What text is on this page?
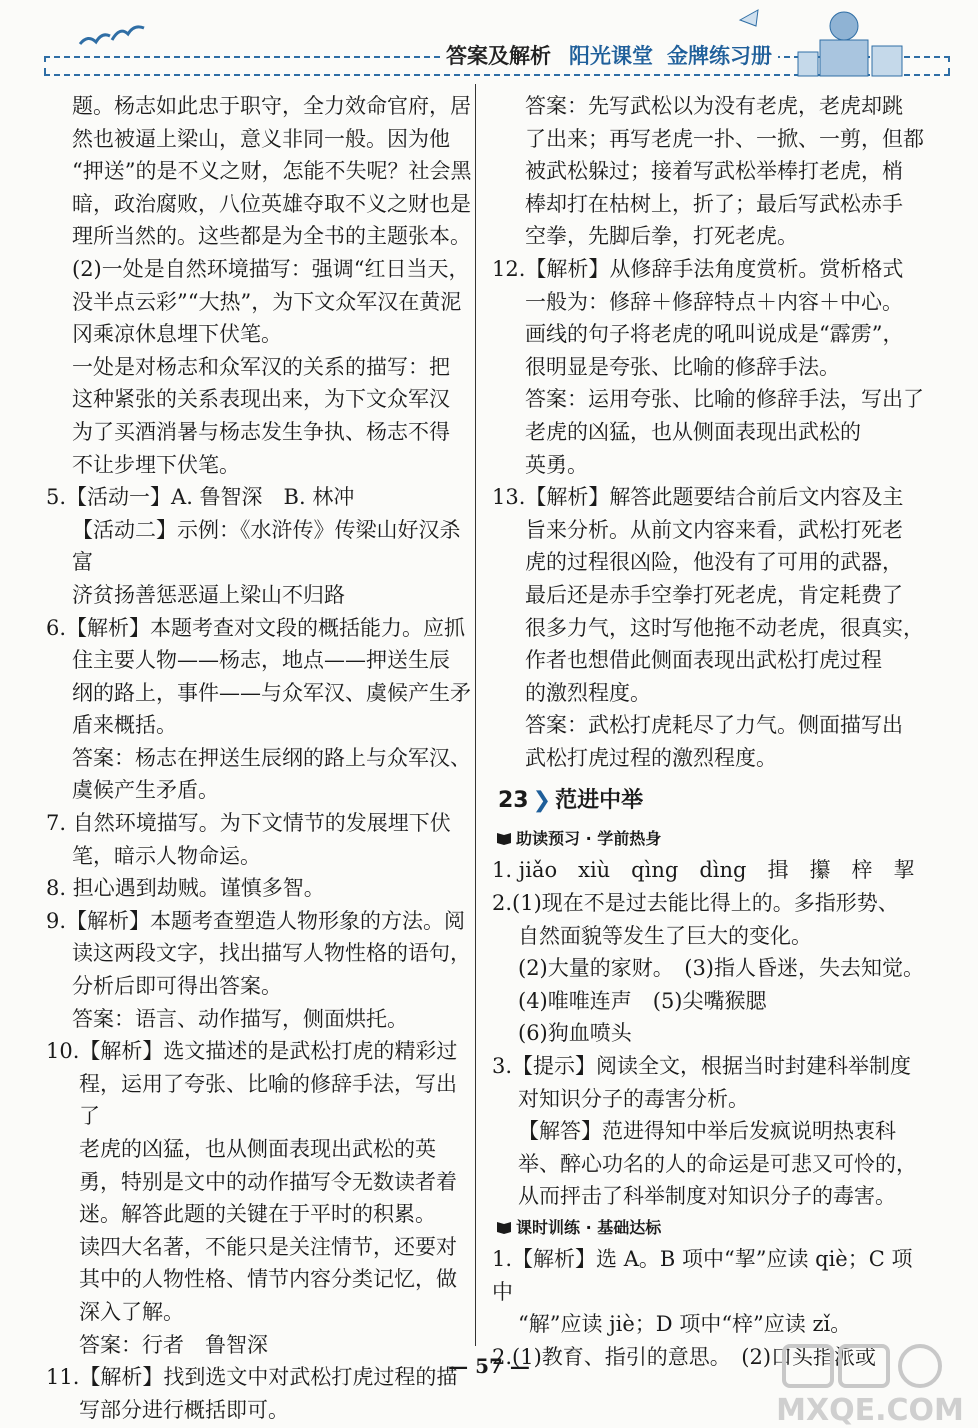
答案及解析 阳光课堂 金牌练习册

题。杨志如此忠于职守，全力效命官府，居

然也被逼上梁山，意义非同一般。因为他

“押送”的是不义之财，怎能不失呢？社会黑

暗，政治腐败，八位英雄夺取不义之财也是

理所当然的。这些都是为全书的主题张本。

(2)一处是自然环境描写：强调“红日当天，

没半点云彩”“大热”，为下文众军汉在黄泥

冈乘凉休息埋下伏笔。

一处是对杨志和众军汉的关系的描写：把

这种紧张的关系表现出来，为下文众军汉

为了买酒消暑与杨志发生争执、杨志不得

不让步埋下伏笔。

5.【活动一】A. 鲁智深　B. 林冲

【活动二】示例：《水浒传》传梁山好汉杀富

济贫扬善惩恶逼上梁山不归路

6.【解析】本题考查对文段的概括能力。应抓

住主要人物——杨志，地点——押送生辰

纲的路上，事件——与众军汉、虞候产生矛

盾来概括。

答案：杨志在押送生辰纲的路上与众军汉、

虞候产生矛盾。

7. 自然环境描写。为下文情节的发展埋下伏

笔，暗示人物命运。

8. 担心遇到劫贼。谨慎多智。

9.【解析】本题考查塑造人物形象的方法。阅

读这两段文字，找出描写人物性格的语句，

分析后即可得出答案。

答案：语言、动作描写，侧面烘托。

10.【解析】选文描述的是武松打虎的精彩过

程，运用了夸张、比喻的修辞手法，写出了

老虎的凶猛，也从侧面表现出武松的英

勇，特别是文中的动作描写令无数读者着

迷。解答此题的关键在于平时的积累。

读四大名著，不能只是关注情节，还要对

其中的人物性格、情节内容分类记忆，做

深入了解。

答案：行者　鲁智深

11.【解析】找到选文中对武松打虎过程的描

写部分进行概括即可。

答案：先写武松以为没有老虎，老虎却跳

了出来；再写老虎一扑、一掀、一剪，但都

被武松躲过；接着写武松举棒打老虎，梢

棒却打在枯树上，折了；最后写武松赤手

空拳，先脚后拳，打死老虎。

12.【解析】从修辞手法角度赏析。赏析格式

一般为：修辞＋修辞特点＋内容＋中心。

画线的句子将老虎的吼叫说成是“霹雳”，

很明显是夸张、比喻的修辞手法。

答案：运用夸张、比喻的修辞手法，写出了

老虎的凶猛，也从侧面表现出武松的

英勇。

13.【解析】解答此题要结合前后文内容及主

旨来分析。从前文内容来看，武松打死老

虎的过程很凶险，他没有了可用的武器，

最后还是赤手空拳打死老虎，肯定耗费了

很多力气，这时写他拖不动老虎，很真实，

作者也想借此侧面表现出武松打虎过程

的激烈程度。

答案：武松打虎耗尽了力气。侧面描写出

武松打虎过程的激烈程度。

23 ❯ 范进中举
助读预习 · 学前热身

1. jiǎo　xiù　qìng　dìng　揖　攥　梓　挈

2.(1)现在不是过去能比得上的。多指形势、

自然面貌等发生了巨大的变化。

(2)大量的家财。　(3)指人昏迷，失去知觉。

(4)唯唯连声　(5)尖嘴猴腮

(6)狗血喷头

3.【提示】阅读全文，根据当时封建科举制度

对知识分子的毒害分析。

【解答】范进得知中举后发疯说明热衷科

举、醉心功名的人的命运是可悲又可怜的，

从而抨击了科举制度对知识分子的毒害。

课时训练 · 基础达标

1.【解析】选 A。B 项中“挈”应读 qiè；C 项中

“解”应读 jiè；D 项中“梓”应读 zǐ。

2.(1)教育、指引的意思。　(2)口头指派或

— 57 —
MXQE.COM
